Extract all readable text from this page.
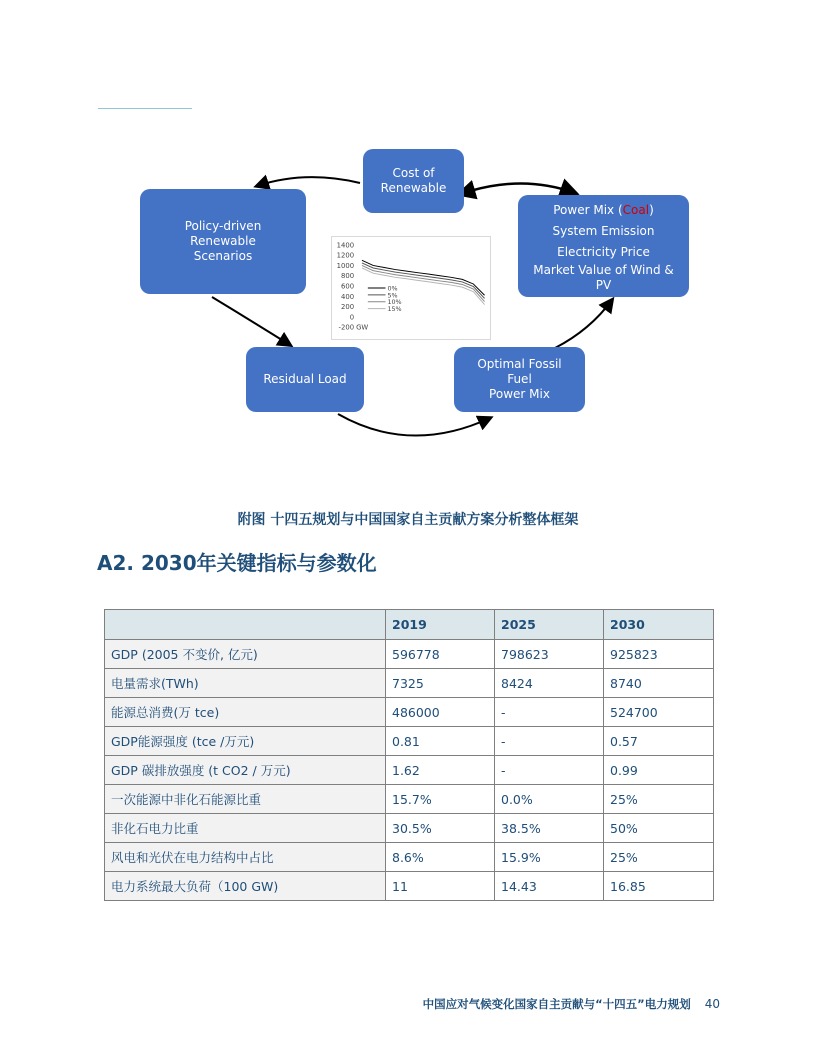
Cost of
Renewable
Policy-driven Renewable
Scenarios
Power Mix (Coal)
System Emission
Electricity Price
Market Value of Wind &
PV
Residual Load
Optimal Fossil Fuel
Power Mix
1400
1200
1000
800
600
400
200
0
-200 GW
0%
5%
10%
15%
附图 十四五规划与中国国家自主贡献方案分析整体框架
A2. 2030年关键指标与参数化
	2019	2025	2030
GDP (2005 不变价, 亿元)	596778	798623	925823
电量需求(TWh)	7325	8424	8740
能源总消费(万 tce)	486000	-	524700
GDP能源强度 (tce /万元)	0.81	-	0.57
GDP 碳排放强度 (t CO2 / 万元)	1.62	-	0.99
一次能源中非化石能源比重	15.7%	0.0%	25%
非化石电力比重	30.5%	38.5%	50%
风电和光伏在电力结构中占比	8.6%	15.9%	25%
电力系统最大负荷（100 GW)	11	14.43	16.85
中国应对气候变化国家自主贡献与“十四五”电力规划 40
